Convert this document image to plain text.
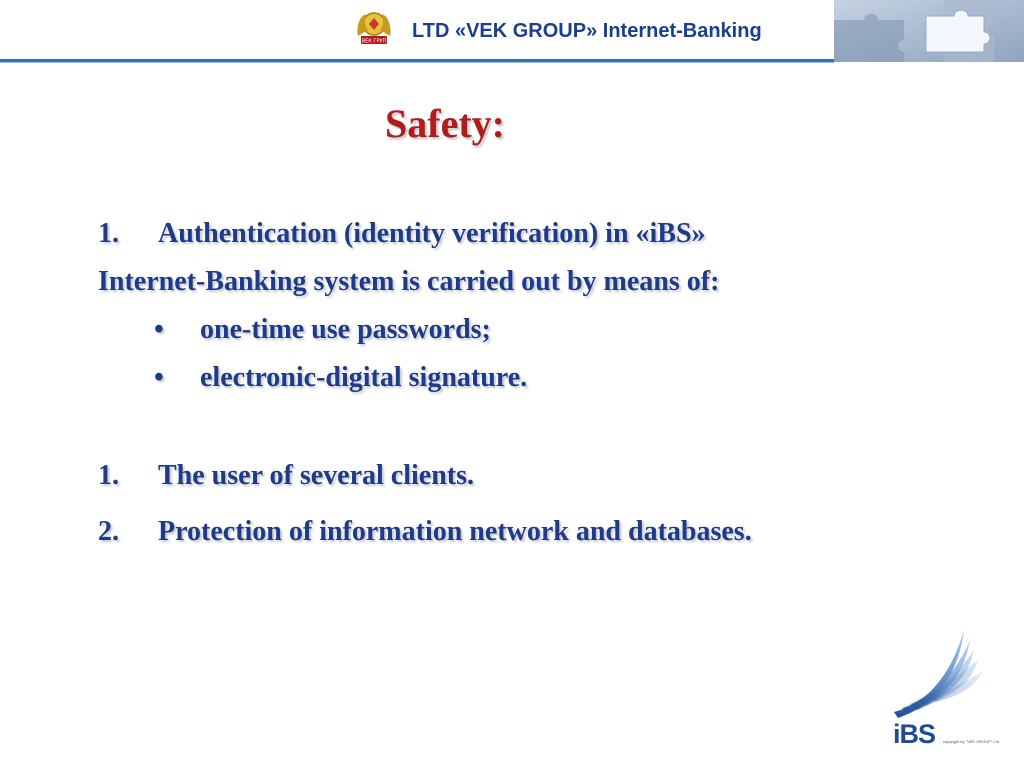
ВЕК ГРУП LTD «VEK GROUP» Internet-Banking
Safety:
1.	Authentication (identity verification) in «iBS»
Internet-Banking system is carried out by means of:
•	one-time use passwords;
•	electronic-digital signature.
1.	The user of several clients.
2.	Protection of information network and databases.
iBS copyright by "VEK GROUP" Ltd.
